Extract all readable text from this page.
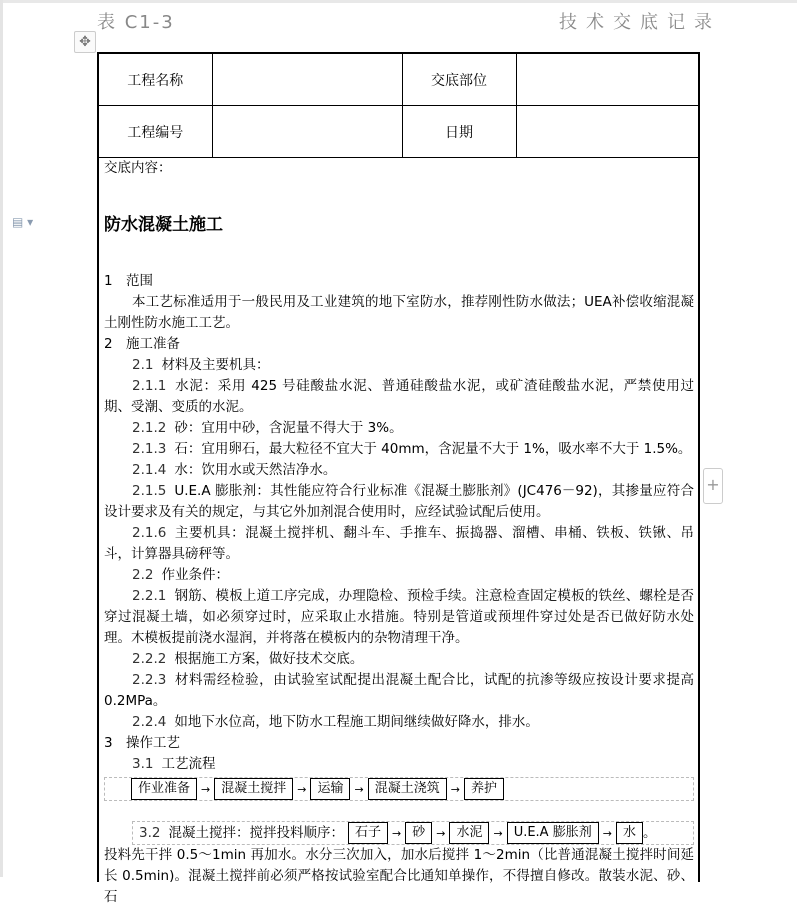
表 C1-3	技术交底记录
✥
▤ ▾
+
工程名称		交底部位	
工程编号		日期	

交底内容：

防水混凝土施工

1 范围

本工艺标准适用于一般民用及工业建筑的地下室防水，推荐刚性防水做法；UEA补偿收缩混凝土刚性防水施工工艺。

2 施工准备

2.1 材料及主要机具：

2.1.1 水泥：采用 425 号硅酸盐水泥、普通硅酸盐水泥，或矿渣硅酸盐水泥，严禁使用过期、受潮、变质的水泥。

2.1.2 砂：宜用中砂，含泥量不得大于 3%。

2.1.3 石：宜用卵石，最大粒径不宜大于 40mm，含泥量不大于 1%，吸水率不大于 1.5%。

2.1.4 水：饮用水或天然洁净水。

2.1.5 U.E.A 膨胀剂：其性能应符合行业标准《混凝土膨胀剂》(JC476－92)，其掺量应符合设计要求及有关的规定，与其它外加剂混合使用时，应经试验试配后使用。

2.1.6 主要机具：混凝土搅拌机、翻斗车、手推车、振捣器、溜槽、串桶、铁板、铁锹、吊斗，计算器具磅秤等。

2.2 作业条件：

2.2.1 钢筋、模板上道工序完成，办理隐检、预检手续。注意检查固定模板的铁丝、螺栓是否穿过混凝土墙，如必须穿过时，应采取止水措施。特别是管道或预埋件穿过处是否已做好防水处理。木模板提前浇水湿润，并将落在模板内的杂物清理干净。

2.2.2 根据施工方案，做好技术交底。

2.2.3 材料需经检验，由试验室试配提出混凝土配合比，试配的抗渗等级应按设计要求提高 0.2MPa。

2.2.4 如地下水位高，地下防水工程施工期间继续做好降水，排水。

3 操作工艺

3.1 工艺流程

作业准备	→ 混凝土搅拌	→ 运输	→ 混凝土浇筑	→ 养护
3.2 混凝土搅拌：搅拌投料顺序： 石子	→ 砂	→ 水泥	→ U.E.A 膨胀剂	→ 水 。

投料先干拌 0.5～1min 再加水。水分三次加入，加水后搅拌 1～2min（比普通混凝土搅拌时间延长 0.5min)。混凝土搅拌前必须严格按试验室配合比通知单操作，不得擅自修改。散装水泥、砂、石
